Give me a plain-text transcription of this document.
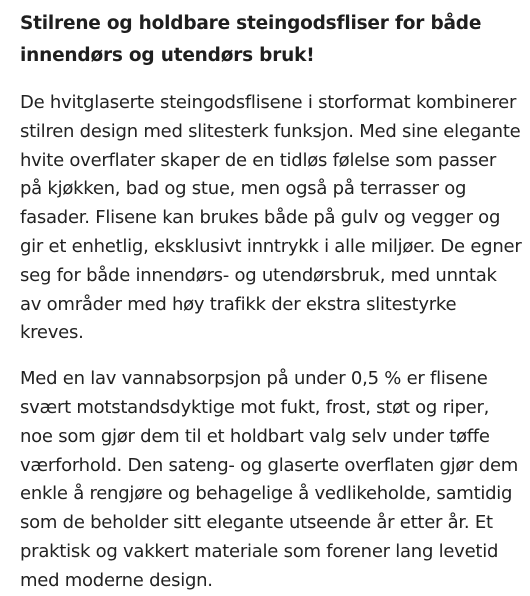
Stilrene og holdbare steingodsfliser for både innendørs og utendørs bruk!

De hvitglaserte steingodsflisene i storformat kombinerer stilren design med slitesterk funksjon. Med sine elegante hvite overflater skaper de en tidløs følelse som passer på kjøkken, bad og stue, men også på terrasser og fasader. Flisene kan brukes både på gulv og vegger og gir et enhetlig, eksklusivt inntrykk i alle miljøer. De egner seg for både innendørs- og utendørsbruk, med unntak av områder med høy trafikk der ekstra slitestyrke kreves.

Med en lav vannabsorpsjon på under 0,5 % er flisene svært motstandsdyktige mot fukt, frost, støt og riper, noe som gjør dem til et holdbart valg selv under tøffe værforhold. Den sateng- og glaserte overflaten gjør dem enkle å rengjøre og behagelige å vedlikeholde, samtidig som de beholder sitt elegante utseende år etter år. Et praktisk og vakkert materiale som forener lang levetid med moderne design.
